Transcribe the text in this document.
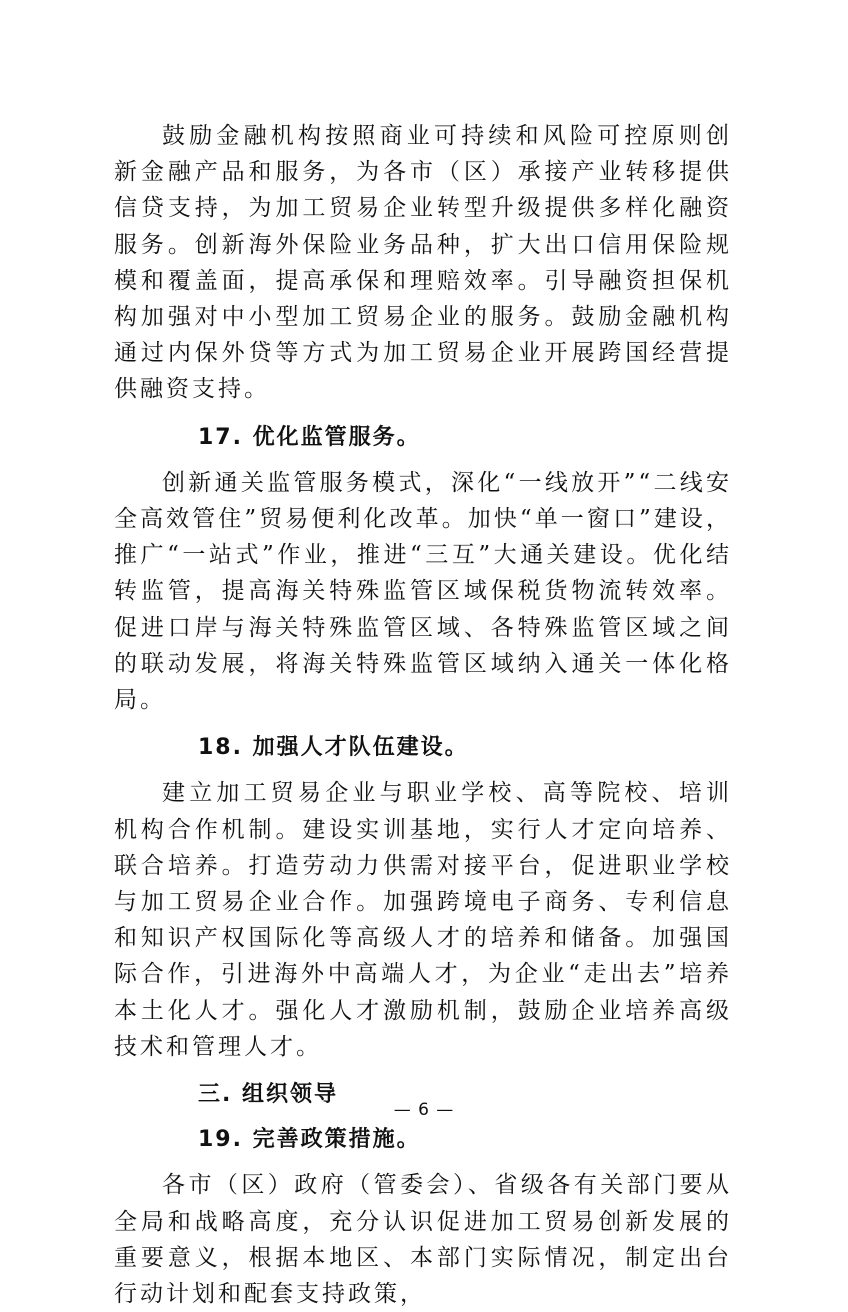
鼓励金融机构按照商业可持续和风险可控原则创新金融产品和服务，为各市（区）承接产业转移提供信贷支持，为加工贸易企业转型升级提供多样化融资服务。创新海外保险业务品种，扩大出口信用保险规模和覆盖面，提高承保和理赔效率。引导融资担保机构加强对中小型加工贸易企业的服务。鼓励金融机构通过内保外贷等方式为加工贸易企业开展跨国经营提供融资支持。

17. 优化监管服务。

创新通关监管服务模式，深化“一线放开”“二线安全高效管住”贸易便利化改革。加快“单一窗口”建设，推广“一站式”作业，推进“三互”大通关建设。优化结转监管，提高海关特殊监管区域保税货物流转效率。促进口岸与海关特殊监管区域、各特殊监管区域之间的联动发展，将海关特殊监管区域纳入通关一体化格局。

18. 加强人才队伍建设。

建立加工贸易企业与职业学校、高等院校、培训机构合作机制。建设实训基地，实行人才定向培养、联合培养。打造劳动力供需对接平台，促进职业学校与加工贸易企业合作。加强跨境电子商务、专利信息和知识产权国际化等高级人才的培养和储备。加强国际合作，引进海外中高端人才，为企业“走出去”培养本土化人才。强化人才激励机制，鼓励企业培养高级技术和管理人才。

三. 组织领导

19. 完善政策措施。

各市（区）政府（管委会）、省级各有关部门要从全局和战略高度，充分认识促进加工贸易创新发展的重要意义，根据本地区、本部门实际情况，制定出台行动计划和配套支持政策，

— 6 —
